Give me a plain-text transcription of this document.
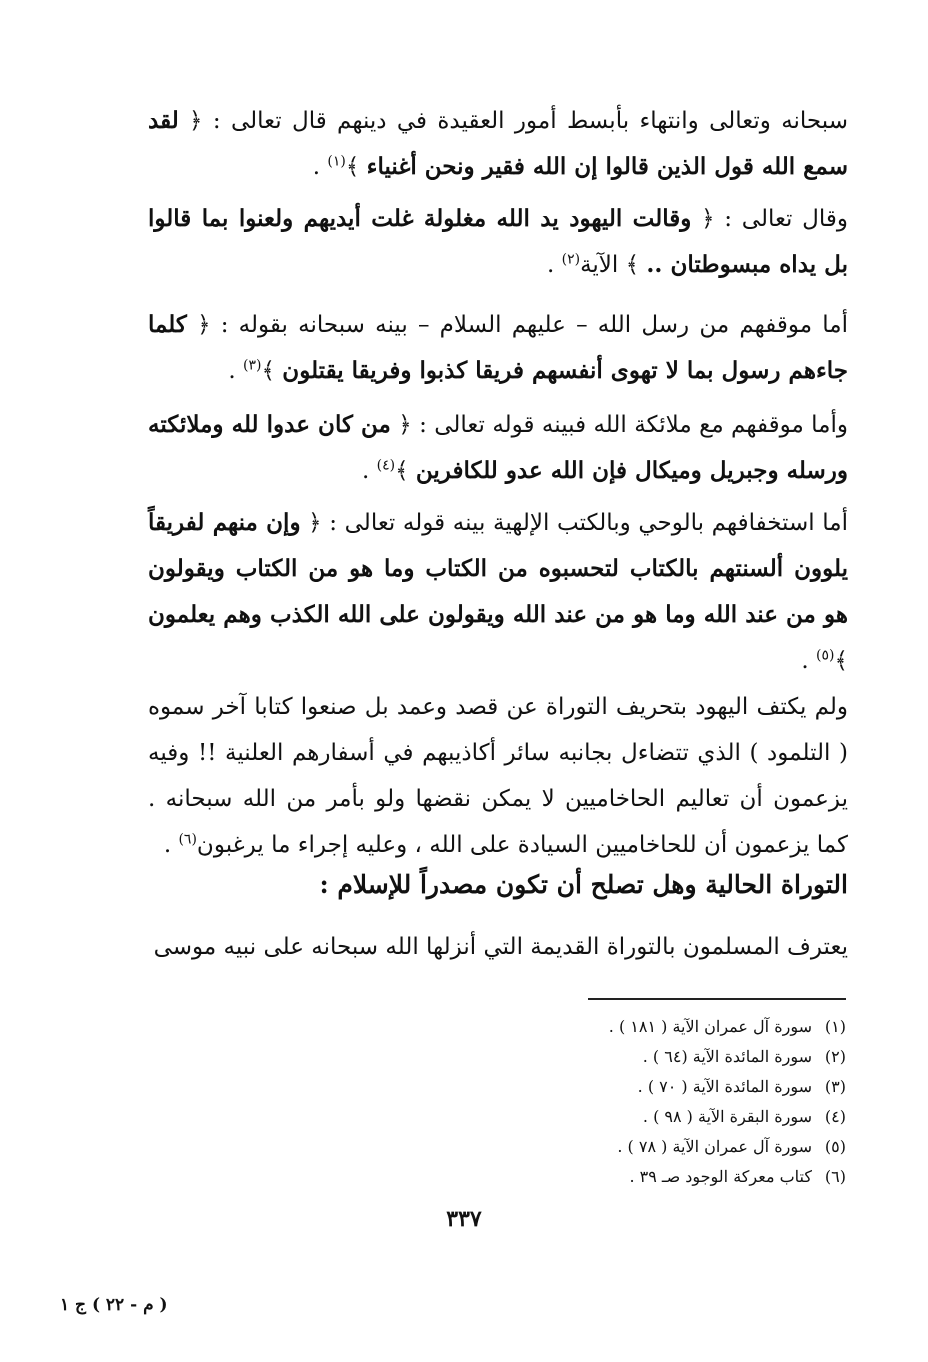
سبحانه وتعالى وانتهاء بأبسط أمور العقيدة في دينهم قال تعالى : ﴿ لقد سمع الله قول الذين قالوا إن الله فقير ونحن أغنياء ﴾$^{(١)}$ .

وقال تعالى : ﴿ وقالت اليهود يد الله مغلولة غلت أيديهم ولعنوا بما قالوا بل يداه مبسوطتان .. ﴾ الآية$^{(٢)}$ .

أما موقفهم من رسل الله – عليهم السلام – بينه سبحانه بقوله : ﴿ كلما جاءهم رسول بما لا تهوى أنفسهم فريقا كذبوا وفريقا يقتلون ﴾$^{(٣)}$ .

وأما موقفهم مع ملائكة الله فبينه قوله تعالى : ﴿ من كان عدوا لله وملائكته ورسله وجبريل وميكال فإن الله عدو للكافرين ﴾$^{(٤)}$ .

أما استخفافهم بالوحي وبالكتب الإلهية بينه قوله تعالى : ﴿ وإن منهم لفريقاً يلوون ألسنتهم بالكتاب لتحسبوه من الكتاب وما هو من الكتاب ويقولون هو من عند الله وما هو من عند الله ويقولون على الله الكذب وهم يعلمون ﴾$^{(٥)}$ .

ولم يكتف اليهود بتحريف التوراة عن قصد وعمد بل صنعوا كتابا آخر سموه ( التلمود ) الذي تتضاءل بجانبه سائر أكاذيبهم في أسفارهم العلنية !! وفيه يزعمون أن تعاليم الحاخاميين لا يمكن نقضها ولو بأمر من الله سبحانه . كما يزعمون أن للحاخاميين السيادة على الله ، وعليه إجراء ما يرغبون$^{(٦)}$ .

التوراة الحالية وهل تصلح أن تكون مصدراً للإسلام :

يعترف المسلمون بالتوراة القديمة التي أنزلها الله سبحانه على نبيه موسى

(١)سورة آل عمران الآية ( ١٨١ ) .
(٢)سورة المائدة الآية (٦٤ ) .
(٣)سورة المائدة الآية ( ٧٠ ) .
(٤)سورة البقرة الآية ( ٩٨ ) .
(٥)سورة آل عمران الآية ( ٧٨ ) .
(٦)كتاب معركة الوجود صـ ٣٩ .

٣٣٧

( م - ٢٢ ) ج ١
